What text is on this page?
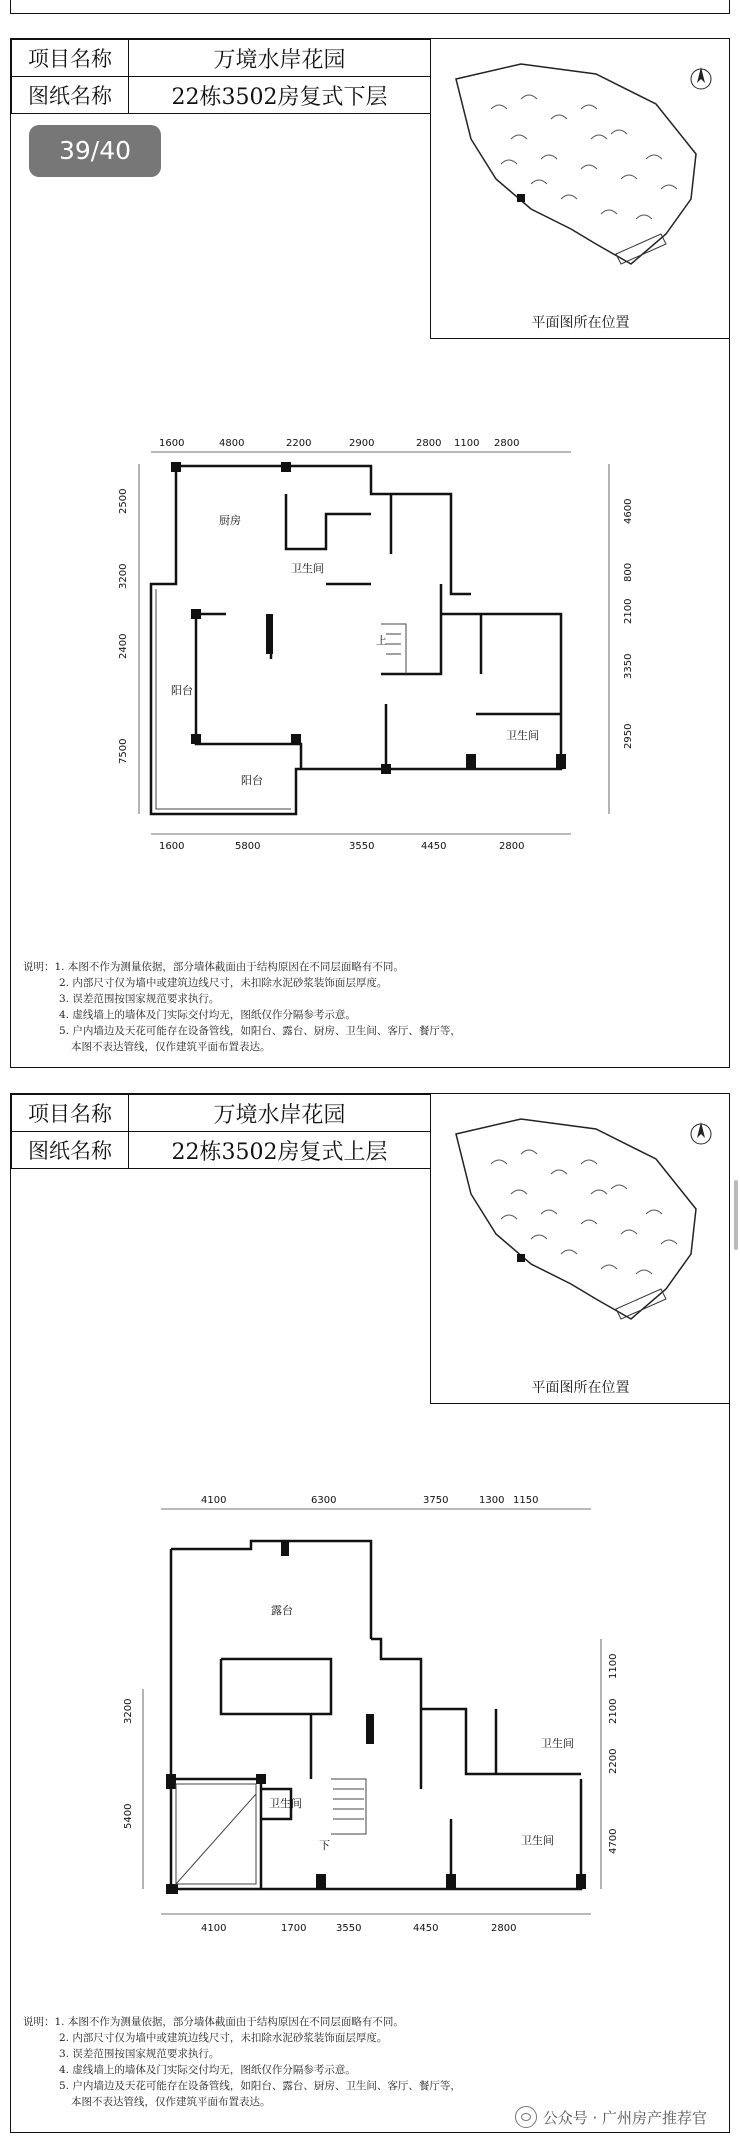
项目名称	万境水岸花园
图纸名称	22栋3502房复式下层
平面图所在位置
39/40
1600	4800	2200	2900	2800 1100 2800
1600	5800	3550	4450	2800
2500
3200
2400
7500
4600
800
2100
3350
2950
厨房
卫生间
卫生间
阳台
阳台
上
说明：1. 本图不作为测量依据，部分墙体截面由于结构原因在不同层面略有不同。
2. 内部尺寸仅为墙中或建筑边线尺寸，未扣除水泥砂浆装饰面层厚度。
3. 误差范围按国家规范要求执行。
4. 虚线墙上的墙体及门实际交付均无，图纸仅作分隔参考示意。
5. 户内墙边及天花可能存在设备管线，如阳台、露台、厨房、卫生间、客厅、餐厅等，
本图不表达管线，仅作建筑平面布置表达。
项目名称	万境水岸花园
图纸名称	22栋3502房复式上层
平面图所在位置
4100	6300	3750	1300 1150
4100	1700	3550	4450	2800
3200
5400
1100
2100
2200
4700
露台
卫生间
卫生间
卫生间
下
说明：1. 本图不作为测量依据，部分墙体截面由于结构原因在不同层面略有不同。
2. 内部尺寸仅为墙中或建筑边线尺寸，未扣除水泥砂浆装饰面层厚度。
3. 误差范围按国家规范要求执行。
4. 虚线墙上的墙体及门实际交付均无，图纸仅作分隔参考示意。
5. 户内墙边及天花可能存在设备管线，如阳台、露台、厨房、卫生间、客厅、餐厅等，
本图不表达管线，仅作建筑平面布置表达。
公众号 · 广州房产推荐官
